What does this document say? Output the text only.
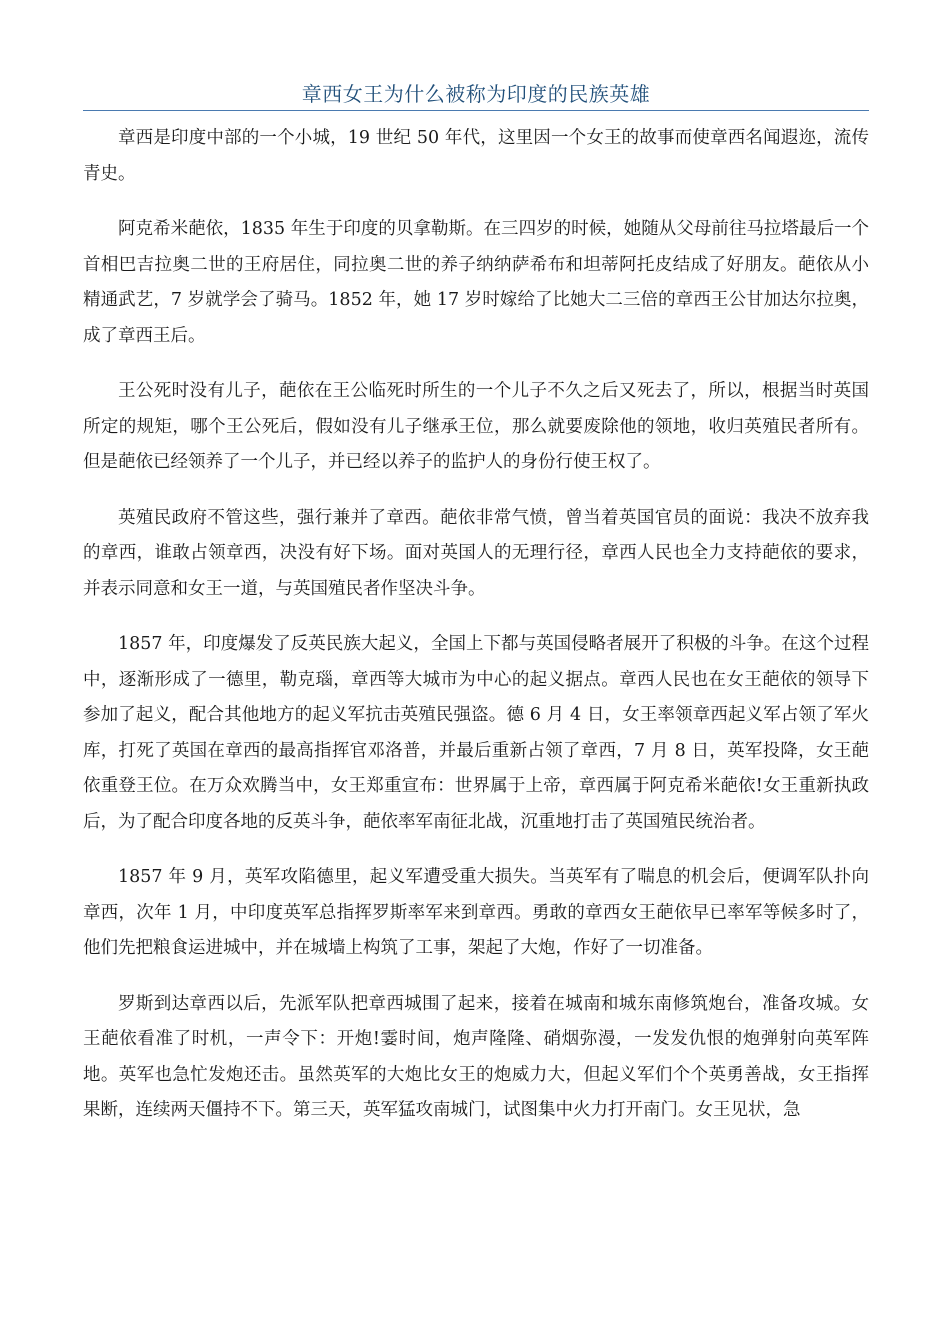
章西女王为什么被称为印度的民族英雄

章西是印度中部的一个小城，19 世纪 50 年代，这里因一个女王的故事而使章西名闻遐迩，流传青史。

阿克希米葩依，1835 年生于印度的贝拿勒斯。在三四岁的时候，她随从父母前往马拉塔最后一个首相巴吉拉奥二世的王府居住，同拉奥二世的养子纳纳萨希布和坦蒂阿托皮结成了好朋友。葩依从小精通武艺，7 岁就学会了骑马。1852 年，她 17 岁时嫁给了比她大二三倍的章西王公甘加达尔拉奥，成了章西王后。

王公死时没有儿子，葩依在王公临死时所生的一个儿子不久之后又死去了，所以，根据当时英国所定的规矩，哪个王公死后，假如没有儿子继承王位，那么就要废除他的领地，收归英殖民者所有。但是葩依已经领养了一个儿子，并已经以养子的监护人的身份行使王权了。

英殖民政府不管这些，强行兼并了章西。葩依非常气愤，曾当着英国官员的面说：我决不放弃我的章西，谁敢占领章西，决没有好下场。面对英国人的无理行径，章西人民也全力支持葩依的要求，并表示同意和女王一道，与英国殖民者作坚决斗争。

1857 年，印度爆发了反英民族大起义，全国上下都与英国侵略者展开了积极的斗争。在这个过程中，逐渐形成了一德里，勒克瑙，章西等大城市为中心的起义据点。章西人民也在女王葩依的领导下参加了起义，配合其他地方的起义军抗击英殖民强盗。德 6 月 4 日，女王率领章西起义军占领了军火库，打死了英国在章西的最高指挥官邓洛普，并最后重新占领了章西，7 月 8 日，英军投降，女王葩依重登王位。在万众欢腾当中，女王郑重宣布：世界属于上帝，章西属于阿克希米葩依!女王重新执政后，为了配合印度各地的反英斗争，葩依率军南征北战，沉重地打击了英国殖民统治者。

1857 年 9 月，英军攻陷德里，起义军遭受重大损失。当英军有了喘息的机会后，便调军队扑向章西，次年 1 月，中印度英军总指挥罗斯率军来到章西。勇敢的章西女王葩依早已率军等候多时了，他们先把粮食运进城中，并在城墙上构筑了工事，架起了大炮，作好了一切准备。

罗斯到达章西以后，先派军队把章西城围了起来，接着在城南和城东南修筑炮台，准备攻城。女王葩依看准了时机，一声令下：开炮!霎时间，炮声隆隆、硝烟弥漫，一发发仇恨的炮弹射向英军阵地。英军也急忙发炮还击。虽然英军的大炮比女王的炮威力大，但起义军们个个英勇善战，女王指挥果断，连续两天僵持不下。第三天，英军猛攻南城门，试图集中火力打开南门。女王见状，急
